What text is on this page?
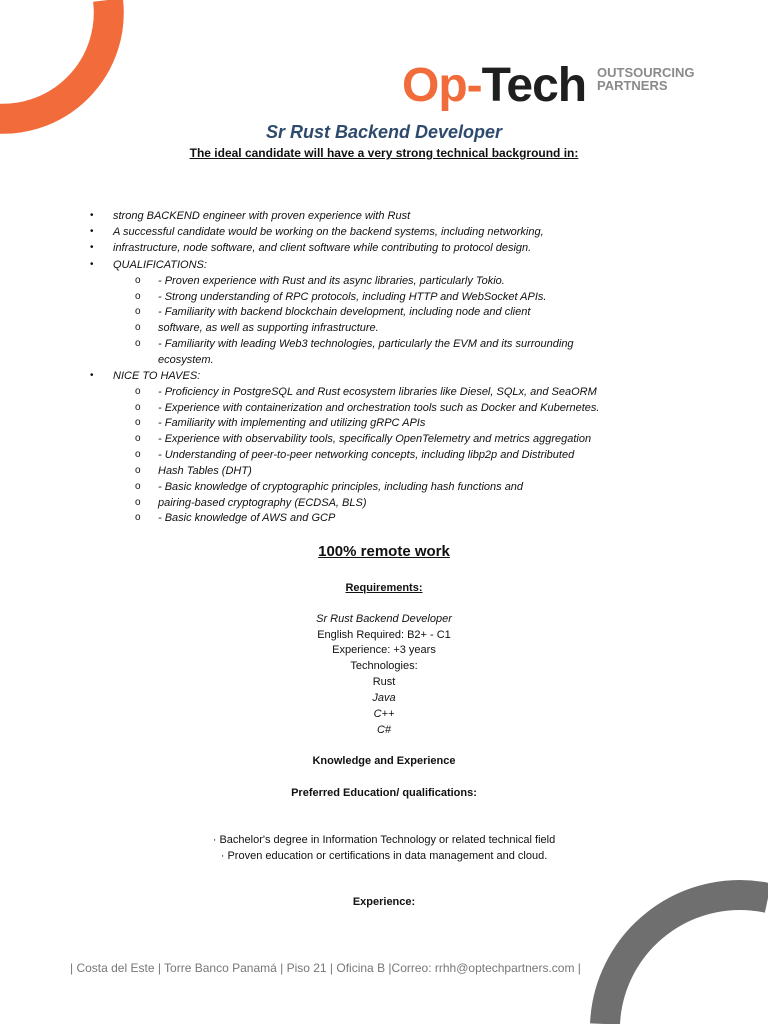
Op-Tech OUTSOURCING
PARTNERS
Sr Rust Backend Developer
The ideal candidate will have a very strong technical background in:
• strong BACKEND engineer with proven experience with Rust
• A successful candidate would be working on the backend systems, including networking,
• infrastructure, node software, and client software while contributing to protocol design.
• QUALIFICATIONS:
o - Proven experience with Rust and its async libraries, particularly Tokio.
o - Strong understanding of RPC protocols, including HTTP and WebSocket APIs.
o - Familiarity with backend blockchain development, including node and client
o software, as well as supporting infrastructure.
o - Familiarity with leading Web3 technologies, particularly the EVM and its surrounding
ecosystem.
• NICE TO HAVES:
o - Proficiency in PostgreSQL and Rust ecosystem libraries like Diesel, SQLx, and SeaORM
o - Experience with containerization and orchestration tools such as Docker and Kubernetes.
o - Familiarity with implementing and utilizing gRPC APIs
o - Experience with observability tools, specifically OpenTelemetry and metrics aggregation
o - Understanding of peer-to-peer networking concepts, including libp2p and Distributed
o Hash Tables (DHT)
o - Basic knowledge of cryptographic principles, including hash functions and
o pairing-based cryptography (ECDSA, BLS)
o - Basic knowledge of AWS and GCP
100% remote work
Requirements:
Sr Rust Backend Developer
English Required: B2+ - C1
Experience: +3 years
Technologies:
Rust
Java
C++
C#
Knowledge and Experience
Preferred Education/ qualifications:
· Bachelor's degree in Information Technology or related technical field
· Proven education or certifications in data management and cloud.
Experience:
| Costa del Este | Torre Banco Panamá | Piso 21 | Oficina B |Correo: rrhh@optechpartners.com |
